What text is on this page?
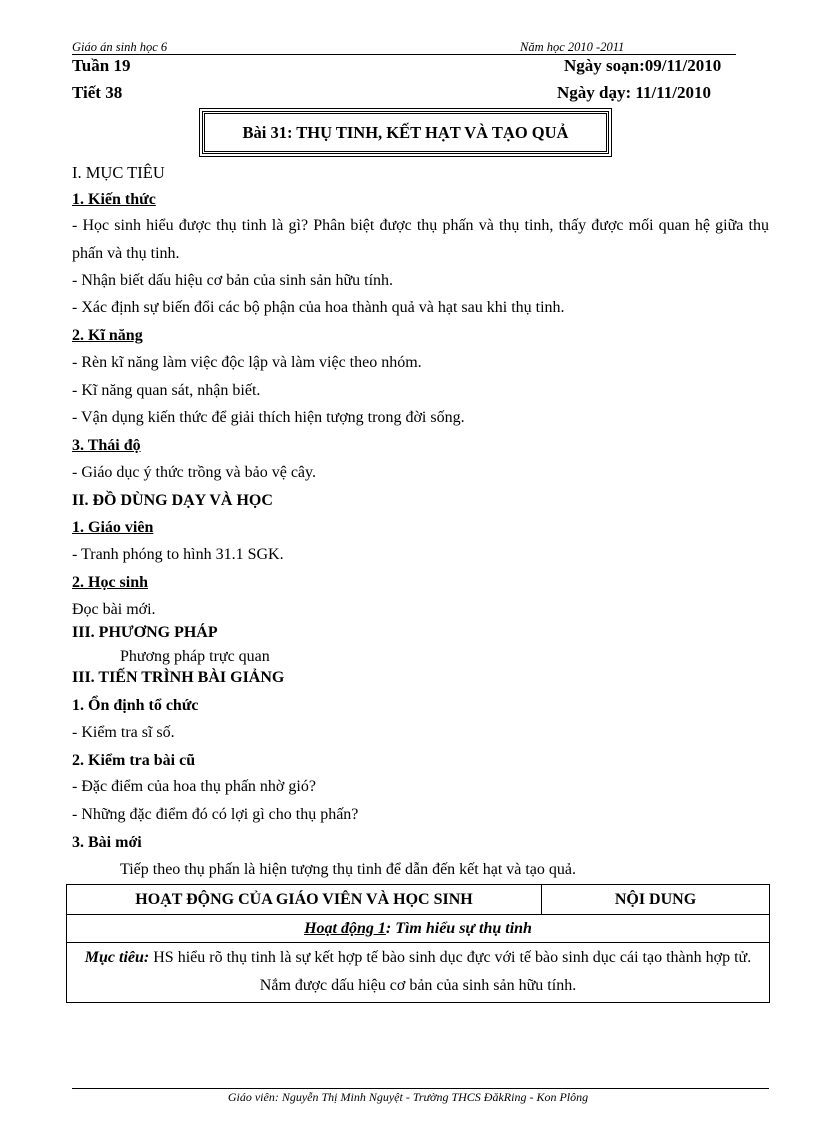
Giáo án sinh học 6	Năm học 2010 -2011
Tuần 19	Ngày soạn:09/11/2010
Tiết 38	Ngày dạy: 11/11/2010
Bài 31: THỤ TINH, KẾT HẠT VÀ TẠO QUẢ
I. MỤC TIÊU
1. Kiến thức
- Học sinh hiểu được thụ tinh là gì? Phân biệt được thụ phấn và thụ tinh, thấy được mối quan hệ giữa thụ phấn và thụ tinh.
- Nhận biết dấu hiệu cơ bản của sinh sản hữu tính.
- Xác định sự biến đổi các bộ phận của hoa thành quả và hạt sau khi thụ tinh.
2. Kĩ năng
- Rèn kĩ năng làm việc độc lập và làm việc theo nhóm.
- Kĩ năng quan sát, nhận biết.
- Vận dụng kiến thức để giải thích hiện tượng trong đời sống.
3. Thái độ
- Giáo dục ý thức trồng và bảo vệ cây.
II. ĐỒ DÙNG DẠY VÀ HỌC
1. Giáo viên
- Tranh phóng to hình 31.1 SGK.
2. Học sinh
Đọc bài mới.
III. PHƯƠNG PHÁP
Phương pháp trực quan
III. TIẾN TRÌNH BÀI GIẢNG
1. Ổn định tổ chức
- Kiểm tra sĩ số.
2. Kiểm tra bài cũ
- Đặc điểm của hoa thụ phấn nhờ gió?
- Những đặc điểm đó có lợi gì cho thụ phấn?
3. Bài mới
Tiếp theo thụ phấn là hiện tượng thụ tinh để dẫn đến kết hạt và tạo quả.
HOẠT ĐỘNG CỦA GIÁO VIÊN VÀ HỌC SINH	NỘI DUNG
Hoạt động 1: Tìm hiểu sự thụ tinh
Mục tiêu: HS hiểu rõ thụ tinh là sự kết hợp tế bào sinh dục đực với tế bào sinh dục cái tạo thành hợp tử. Nắm được dấu hiệu cơ bản của sinh sản hữu tính.
Giáo viên: Nguyễn Thị Minh Nguyệt - Trường THCS ĐăkRing - Kon Plông
